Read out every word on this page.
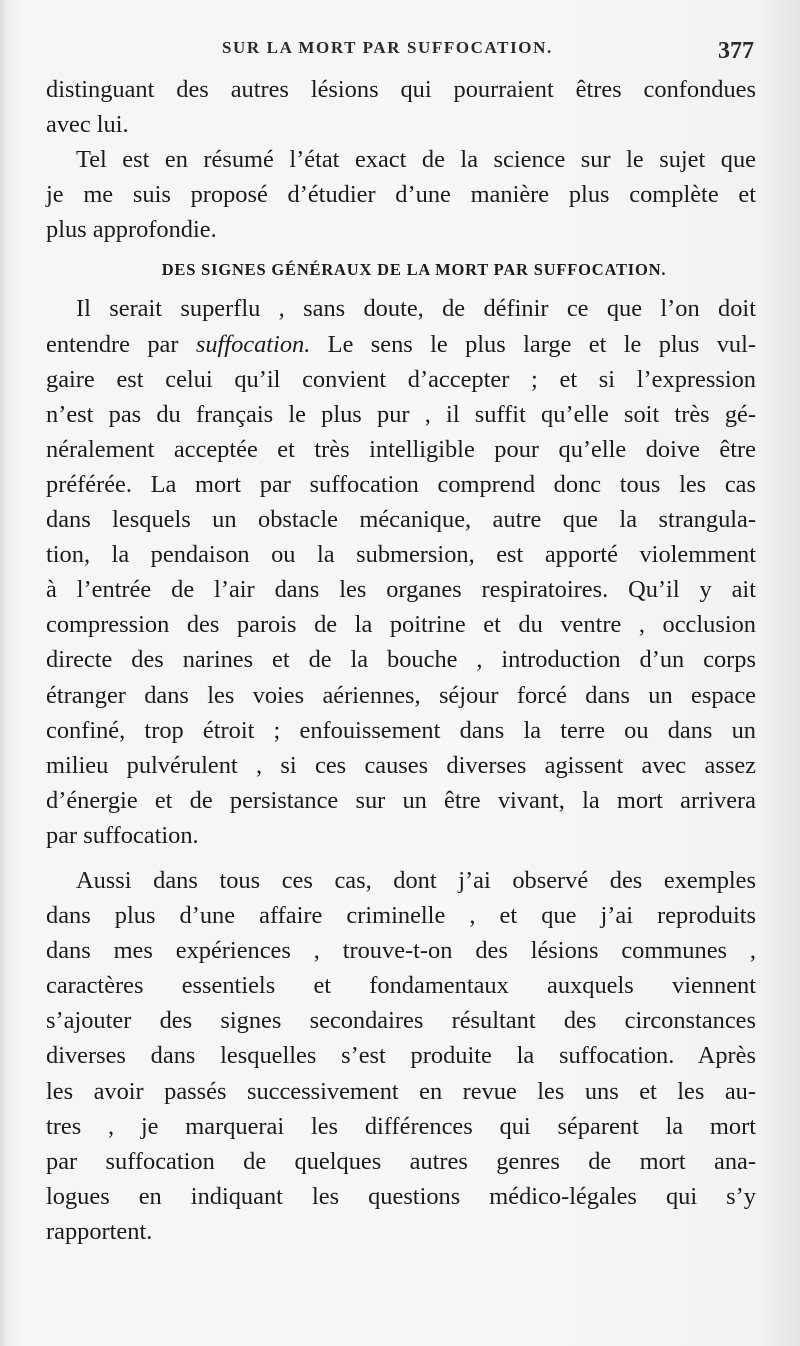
SUR LA MORT PAR SUFFOCATION.	377
distinguant des autres lésions qui pourraient êtres confondues
avec lui.
Tel est en résumé l’état exact de la science sur le sujet que
je me suis proposé d’étudier d’une manière plus complète et
plus approfondie.
DES SIGNES GÉNÉRAUX DE LA MORT PAR SUFFOCATION.
Il serait superflu , sans doute, de définir ce que l’on doit
entendre par suffocation. Le sens le plus large et le plus vul-
gaire est celui qu’il convient d’accepter ; et si l’expression
n’est pas du français le plus pur , il suffit qu’elle soit très gé-
néralement acceptée et très intelligible pour qu’elle doive être
préférée. La mort par suffocation comprend donc tous les cas
dans lesquels un obstacle mécanique, autre que la strangula-
tion, la pendaison ou la submersion, est apporté violemment
à l’entrée de l’air dans les organes respiratoires. Qu’il y ait
compression des parois de la poitrine et du ventre , occlusion
directe des narines et de la bouche , introduction d’un corps
étranger dans les voies aériennes, séjour forcé dans un espace
confiné, trop étroit ; enfouissement dans la terre ou dans un
milieu pulvérulent , si ces causes diverses agissent avec assez
d’énergie et de persistance sur un être vivant, la mort arrivera
par suffocation.
Aussi dans tous ces cas, dont j’ai observé des exemples
dans plus d’une affaire criminelle , et que j’ai reproduits
dans mes expériences , trouve-t-on des lésions communes ,
caractères essentiels et fondamentaux auxquels viennent
s’ajouter des signes secondaires résultant des circonstances
diverses dans lesquelles s’est produite la suffocation. Après
les avoir passés successivement en revue les uns et les au-
tres , je marquerai les différences qui séparent la mort
par suffocation de quelques autres genres de mort ana-
logues en indiquant les questions médico-légales qui s’y
rapportent.
